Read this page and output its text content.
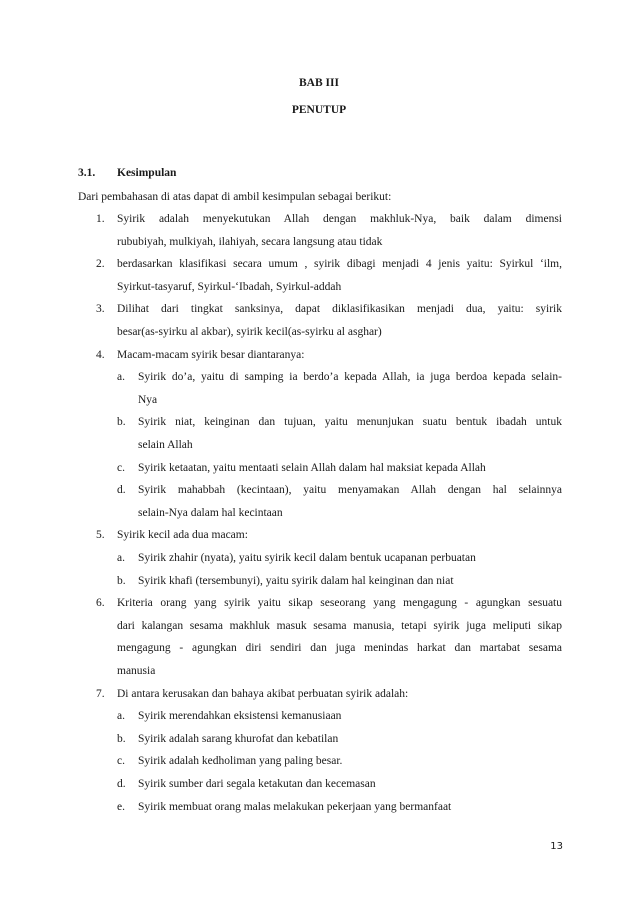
BAB III
PENUTUP
3.1. Kesimpulan
Dari pembahasan di atas dapat di ambil kesimpulan sebagai berikut:
1. Syirik adalah menyekutukan Allah dengan makhluk-Nya, baik dalam dimensi
rububiyah, mulkiyah, ilahiyah, secara langsung atau tidak
2. berdasarkan klasifikasi secara umum , syirik dibagi menjadi 4 jenis yaitu: Syirkul ‘ilm,
Syirkut-tasyaruf, Syirkul-‘Ibadah, Syirkul-addah
3. Dilihat dari tingkat sanksinya, dapat diklasifikasikan menjadi dua, yaitu: syirik
besar(as-syirku al akbar), syirik kecil(as-syirku al asghar)
4. Macam-macam syirik besar diantaranya:
a. Syirik do’a, yaitu di samping ia berdo’a kepada Allah, ia juga berdoa kepada selain-
Nya
b. Syirik niat, keinginan dan tujuan, yaitu menunjukan suatu bentuk ibadah untuk
selain Allah
c. Syirik ketaatan, yaitu mentaati selain Allah dalam hal maksiat kepada Allah
d. Syirik mahabbah (kecintaan), yaitu menyamakan Allah dengan hal selainnya
selain-Nya dalam hal kecintaan
5. Syirik kecil ada dua macam:
a. Syirik zhahir (nyata), yaitu syirik kecil dalam bentuk ucapanan perbuatan
b. Syirik khafi (tersembunyi), yaitu syirik dalam hal keinginan dan niat
6. Kriteria orang yang syirik yaitu sikap seseorang yang mengagung - agungkan sesuatu
dari kalangan sesama makhluk masuk sesama manusia, tetapi syirik juga meliputi sikap
mengagung - agungkan diri sendiri dan juga menindas harkat dan martabat sesama
manusia
7. Di antara kerusakan dan bahaya akibat perbuatan syirik adalah:
a. Syirik merendahkan eksistensi kemanusiaan
b. Syirik adalah sarang khurofat dan kebatilan
c. Syirik adalah kedholiman yang paling besar.
d. Syirik sumber dari segala ketakutan dan kecemasan
e. Syirik membuat orang malas melakukan pekerjaan yang bermanfaat
13
